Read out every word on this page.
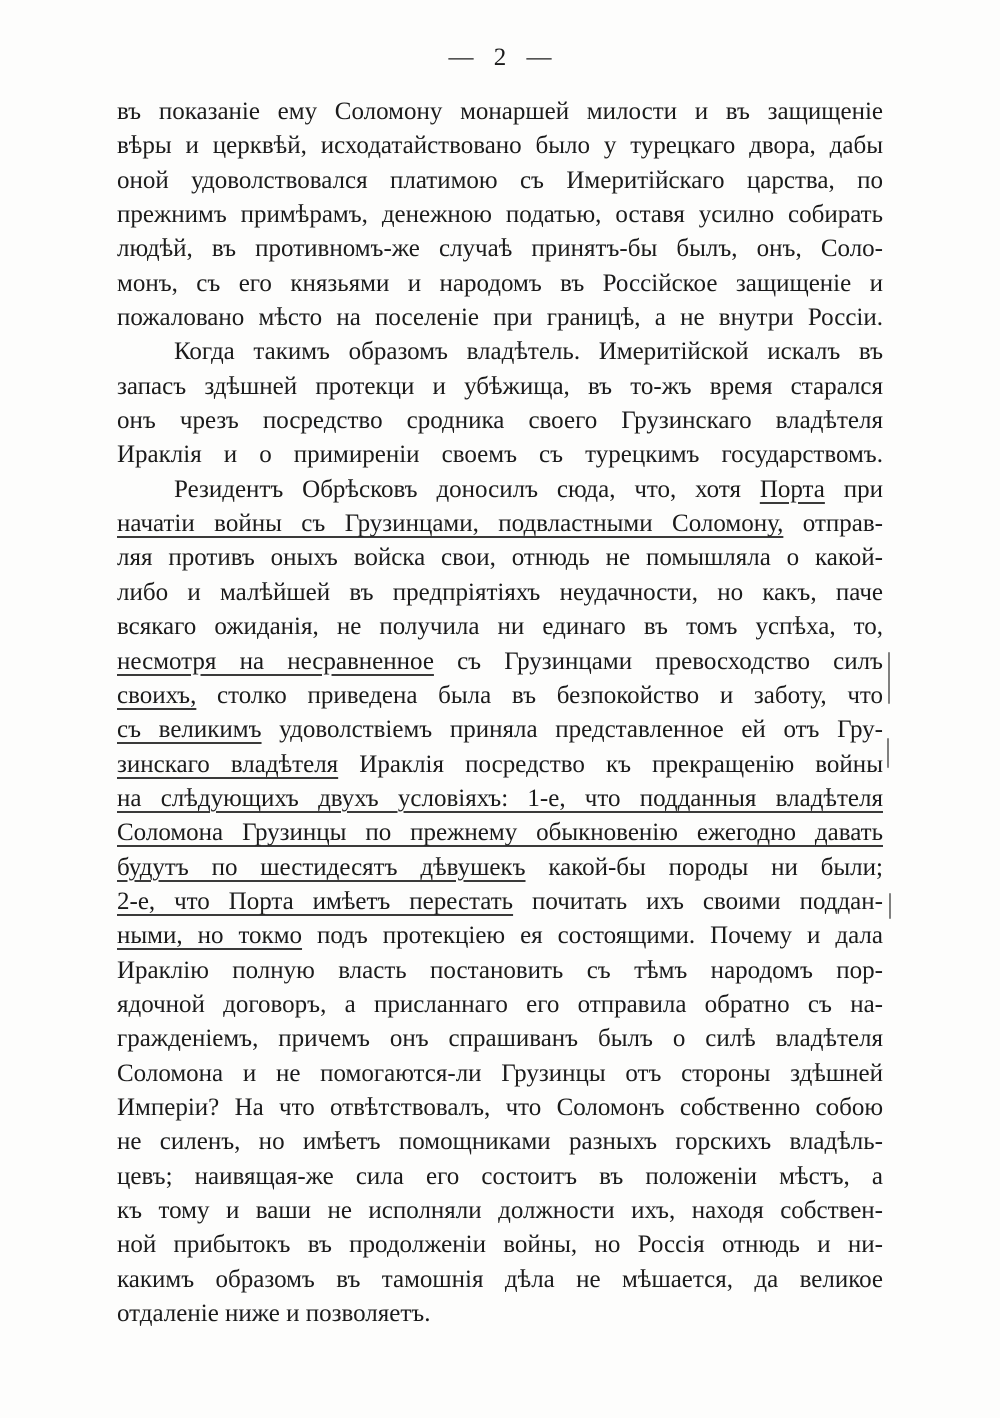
— 2 —
въ показаніе ему Соломону монаршей милости и въ защищеніе
вѣры и церквѣй, исходатайствовано было у турецкаго двора, дабы
оной удоволствовался платимою съ Имеритійскаго царства, по
прежнимъ примѣрамъ, денежною податью, оставя усилно собирать
людѣй, въ противномъ-же случаѣ принятъ-бы былъ, онъ, Соло-
монъ, съ его князьями и народомъ въ Россійское защищеніе и
пожаловано мѣсто на поселеніе при границѣ, а не внутри Россіи.
Когда такимъ образомъ владѣтель. Имеритійской искалъ въ
запасъ здѣшней протекци и убѣжища, въ то-жъ время старался
онъ чрезъ посредство сродника своего Грузинскаго владѣтеля
Ираклія и о примиреніи своемъ съ турецкимъ государствомъ.
Резидентъ Обрѣсковъ доносилъ сюда, что, хотя Порта при
начатіи войны съ Грузинцами, подвластными Соломону, отправ-
ляя противъ оныхъ войска свои, отнюдь не помышляла о какой-
либо и малѣйшей въ предпріятіяхъ неудачности, но какъ, паче
всякаго ожиданія, не получила ни единаго въ томъ успѣха, то,
несмотря на несравненное съ Грузинцами превосходство силъ
своихъ, столко приведена была въ безпокойство и заботу, что
съ великимъ удоволствіемъ приняла представленное ей отъ Гру-
зинскаго владѣтеля Ираклія посредство къ прекращенію войны
на слѣдующихъ двухъ условіяхъ: 1-е, что подданныя владѣтеля
Соломона Грузинцы по прежнему обыкновенію ежегодно давать
будутъ по шестидесятъ дѣвушекъ какой-бы породы ни были;
2-е, что Порта имѣетъ перестать почитать ихъ своими поддан-
ными, но токмо подъ протекціею ея состоящими. Почему и дала
Ираклію полную власть постановить съ тѣмъ народомъ пор-
ядочной договоръ, а присланнаго его отправила обратно съ на-
гражденіемъ, причемъ онъ спрашиванъ былъ о силѣ владѣтеля
Соломона и не помогаются-ли Грузинцы отъ стороны здѣшней
Имперіи? На что отвѣтствовалъ, что Соломонъ собственно собою
не силенъ, но имѣетъ помощниками разныхъ горскихъ владѣль-
цевъ; наивящая-же сила его состоитъ въ положеніи мѣстъ, а
къ тому и ваши не исполняли должности ихъ, находя собствен-
ной прибытокъ въ продолженіи войны, но Россія отнюдь и ни-
какимъ образомъ въ тамошнія дѣла не мѣшается, да великое
отдаленіе ниже и позволяетъ.
